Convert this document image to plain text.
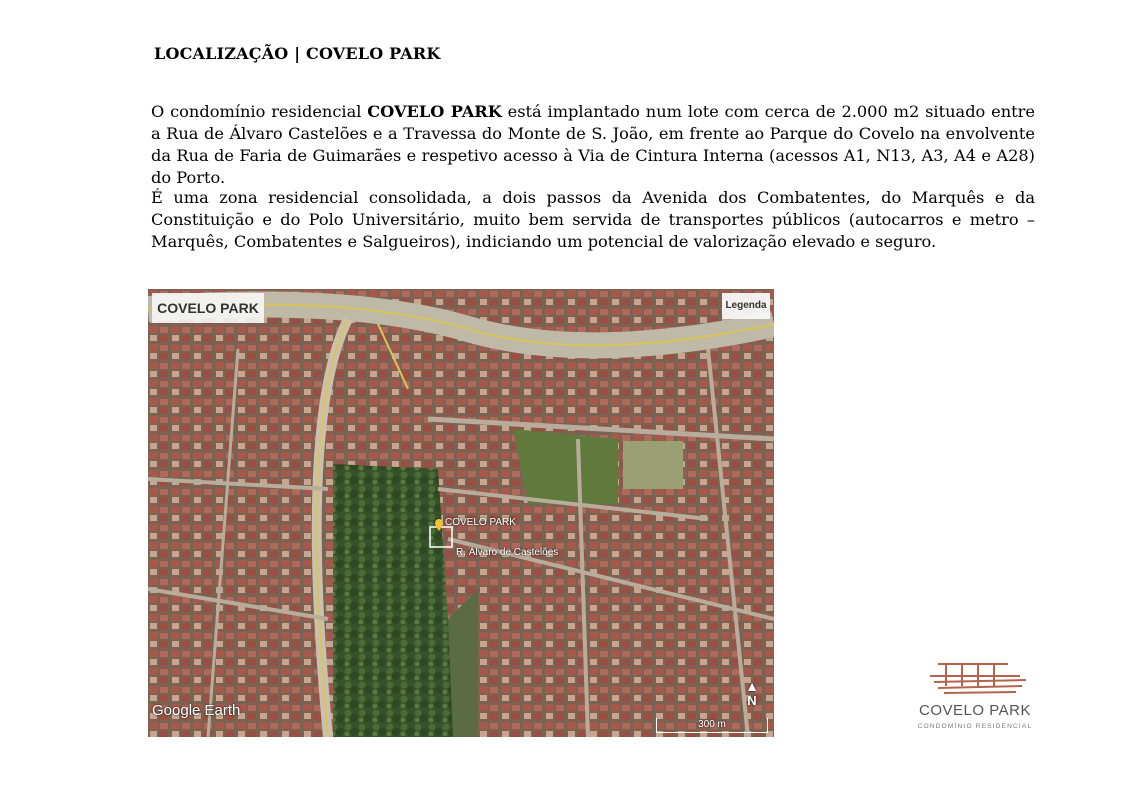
LOCALIZAÇÃO | COVELO PARK
O condomínio residencial COVELO PARK está implantado num lote com cerca de 2.000 m2 situado entre a Rua de Álvaro Castelões e a Travessa do Monte de S. João, em frente ao Parque do Covelo na envolvente da Rua de Faria de Guimarães e respetivo acesso à Via de Cintura Interna (acessos A1, N13, A3, A4 e A28) do Porto.
É uma zona residencial consolidada, a dois passos da Avenida dos Combatentes, do Marquês e da Constituição e do Polo Universitário, muito bem servida de transportes públicos (autocarros e metro – Marquês, Combatentes e Salgueiros), indiciando um potencial de valorização elevado e seguro.
COVELO PARK	Legenda
COVELO PARK
R. Álvaro de Castelões
▲
N
Google Earth
300 m
COVELO PARK
CONDOMÍNIO RESIDENCIAL
